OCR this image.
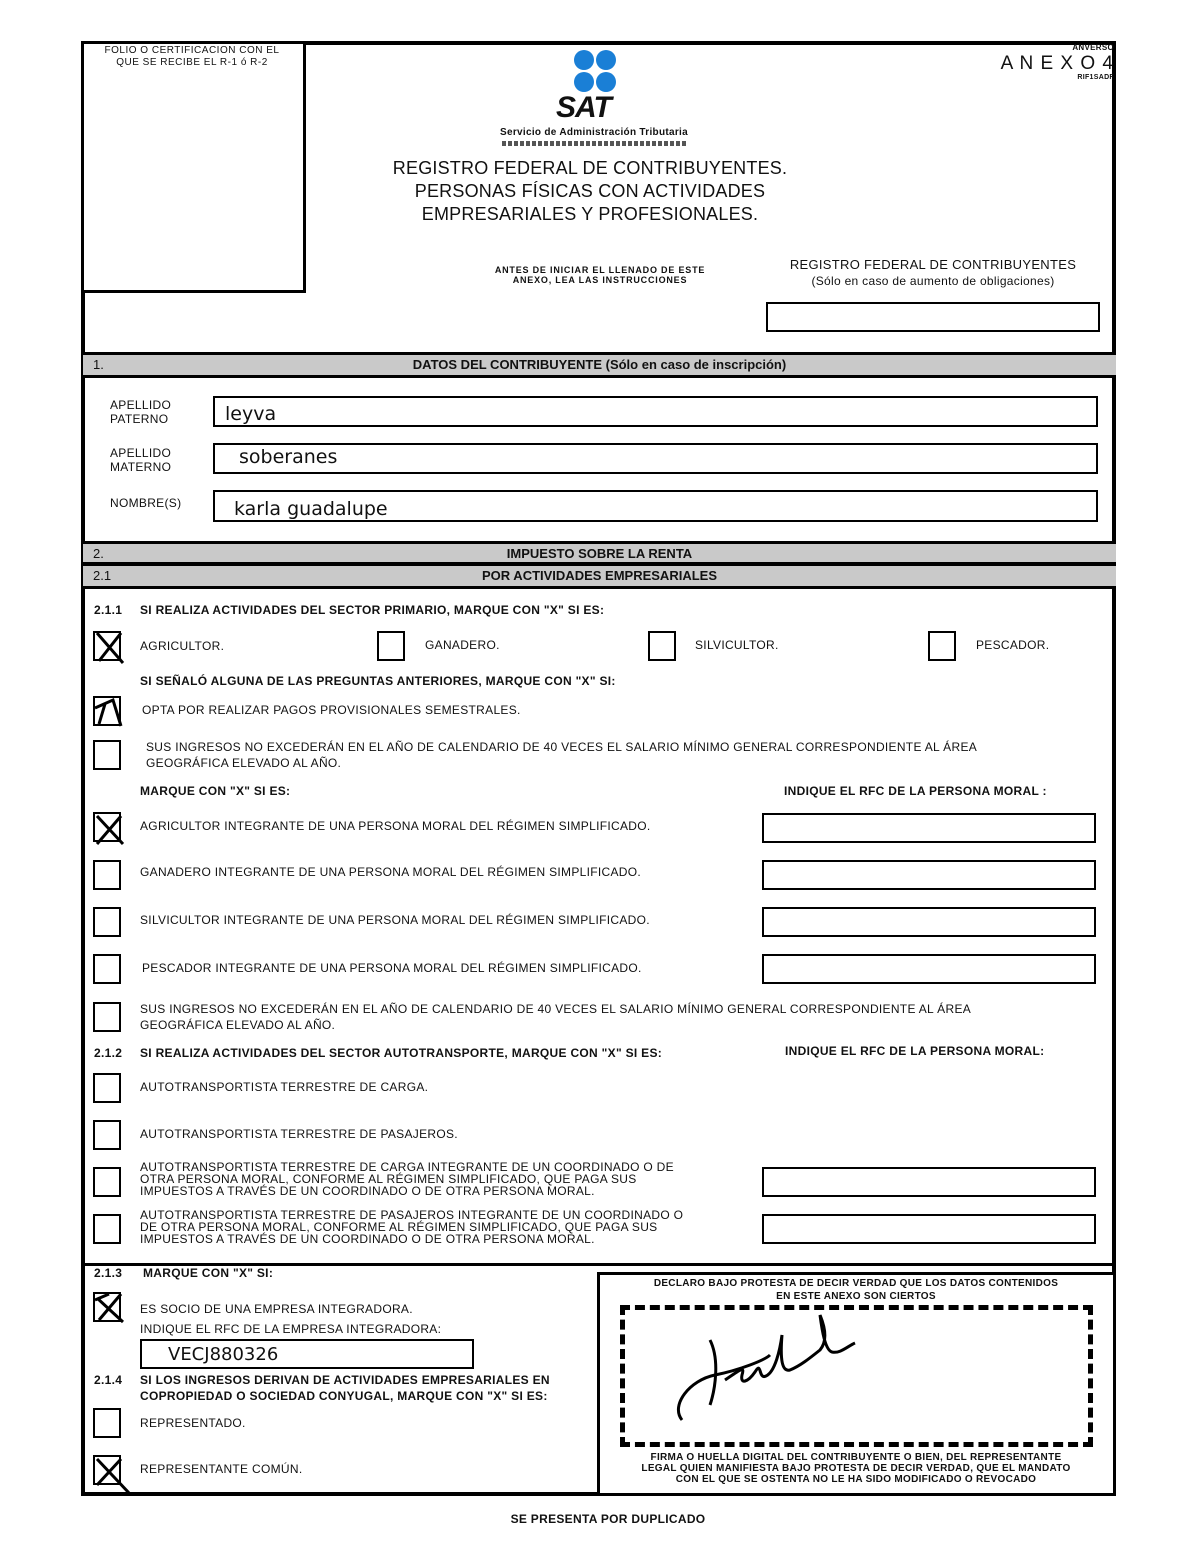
FOLIO O CERTIFICACION CON EL QUE SE RECIBE EL R-1 ó R-2
ANVERSO
A N E X O 4
RIF1SADF
SAT
Servicio de Administración Tributaria
REGISTRO FEDERAL DE CONTRIBUYENTES.
PERSONAS FÍSICAS CON ACTIVIDADES
EMPRESARIALES Y PROFESIONALES.
ANTES DE INICIAR EL LLENADO DE ESTE
ANEXO, LEA LAS INSTRUCCIONES
REGISTRO FEDERAL DE CONTRIBUYENTES
(Sólo en caso de aumento de obligaciones)
1.	DATOS DEL CONTRIBUYENTE (Sólo en caso de inscripción)
APELLIDO
PATERNO	leyva
APELLIDO
MATERNO	soberanes
NOMBRE(S)	karla guadalupe
2.	IMPUESTO SOBRE LA RENTA
2.1	POR ACTIVIDADES EMPRESARIALES
2.1.1 SI REALIZA ACTIVIDADES DEL SECTOR PRIMARIO, MARQUE CON "X" SI ES:
AGRICULTOR.	GANADERO.	SILVICULTOR.	PESCADOR.
SI SEÑALÓ ALGUNA DE LAS PREGUNTAS ANTERIORES, MARQUE CON "X" SI:
OPTA POR REALIZAR PAGOS PROVISIONALES SEMESTRALES.
SUS INGRESOS NO EXCEDERÁN EN EL AÑO DE CALENDARIO DE 40 VECES EL SALARIO MÍNIMO GENERAL CORRESPONDIENTE AL ÁREA
GEOGRÁFICA ELEVADO AL AÑO.
MARQUE CON "X" SI ES:	INDIQUE EL RFC DE LA PERSONA MORAL :
AGRICULTOR INTEGRANTE DE UNA PERSONA MORAL DEL RÉGIMEN SIMPLIFICADO.
GANADERO INTEGRANTE DE UNA PERSONA MORAL DEL RÉGIMEN SIMPLIFICADO.
SILVICULTOR INTEGRANTE DE UNA PERSONA MORAL DEL RÉGIMEN SIMPLIFICADO.
PESCADOR INTEGRANTE DE UNA PERSONA MORAL DEL RÉGIMEN SIMPLIFICADO.
SUS INGRESOS NO EXCEDERÁN EN EL AÑO DE CALENDARIO DE 40 VECES EL SALARIO MÍNIMO GENERAL CORRESPONDIENTE AL ÁREA
GEOGRÁFICA ELEVADO AL AÑO.
2.1.2 SI REALIZA ACTIVIDADES DEL SECTOR AUTOTRANSPORTE, MARQUE CON "X" SI ES:	INDIQUE EL RFC DE LA PERSONA MORAL:
AUTOTRANSPORTISTA TERRESTRE DE CARGA.
AUTOTRANSPORTISTA TERRESTRE DE PASAJEROS.
AUTOTRANSPORTISTA TERRESTRE DE CARGA INTEGRANTE DE UN COORDINADO O DE
OTRA PERSONA MORAL, CONFORME AL RÉGIMEN SIMPLIFICADO, QUE PAGA SUS
IMPUESTOS A TRAVÉS DE UN COORDINADO O DE OTRA PERSONA MORAL.
AUTOTRANSPORTISTA TERRESTRE DE PASAJEROS INTEGRANTE DE UN COORDINADO O
DE OTRA PERSONA MORAL, CONFORME AL RÉGIMEN SIMPLIFICADO, QUE PAGA SUS
IMPUESTOS A TRAVÉS DE UN COORDINADO O DE OTRA PERSONA MORAL.
2.1.3 MARQUE CON "X" SI:
ES SOCIO DE UNA EMPRESA INTEGRADORA.
INDIQUE EL RFC DE LA EMPRESA INTEGRADORA:
VECJ880326
2.1.4 SI LOS INGRESOS DERIVAN DE ACTIVIDADES EMPRESARIALES EN
COPROPIEDAD O SOCIEDAD CONYUGAL, MARQUE CON "X" SI ES:
REPRESENTADO.
REPRESENTANTE COMÚN.
DECLARO BAJO PROTESTA DE DECIR VERDAD QUE LOS DATOS CONTENIDOS
EN ESTE ANEXO SON CIERTOS
FIRMA O HUELLA DIGITAL DEL CONTRIBUYENTE O BIEN, DEL REPRESENTANTE
LEGAL QUIEN MANIFIESTA BAJO PROTESTA DE DECIR VERDAD, QUE EL MANDATO
CON EL QUE SE OSTENTA NO LE HA SIDO MODIFICADO O REVOCADO
SE PRESENTA POR DUPLICADO
